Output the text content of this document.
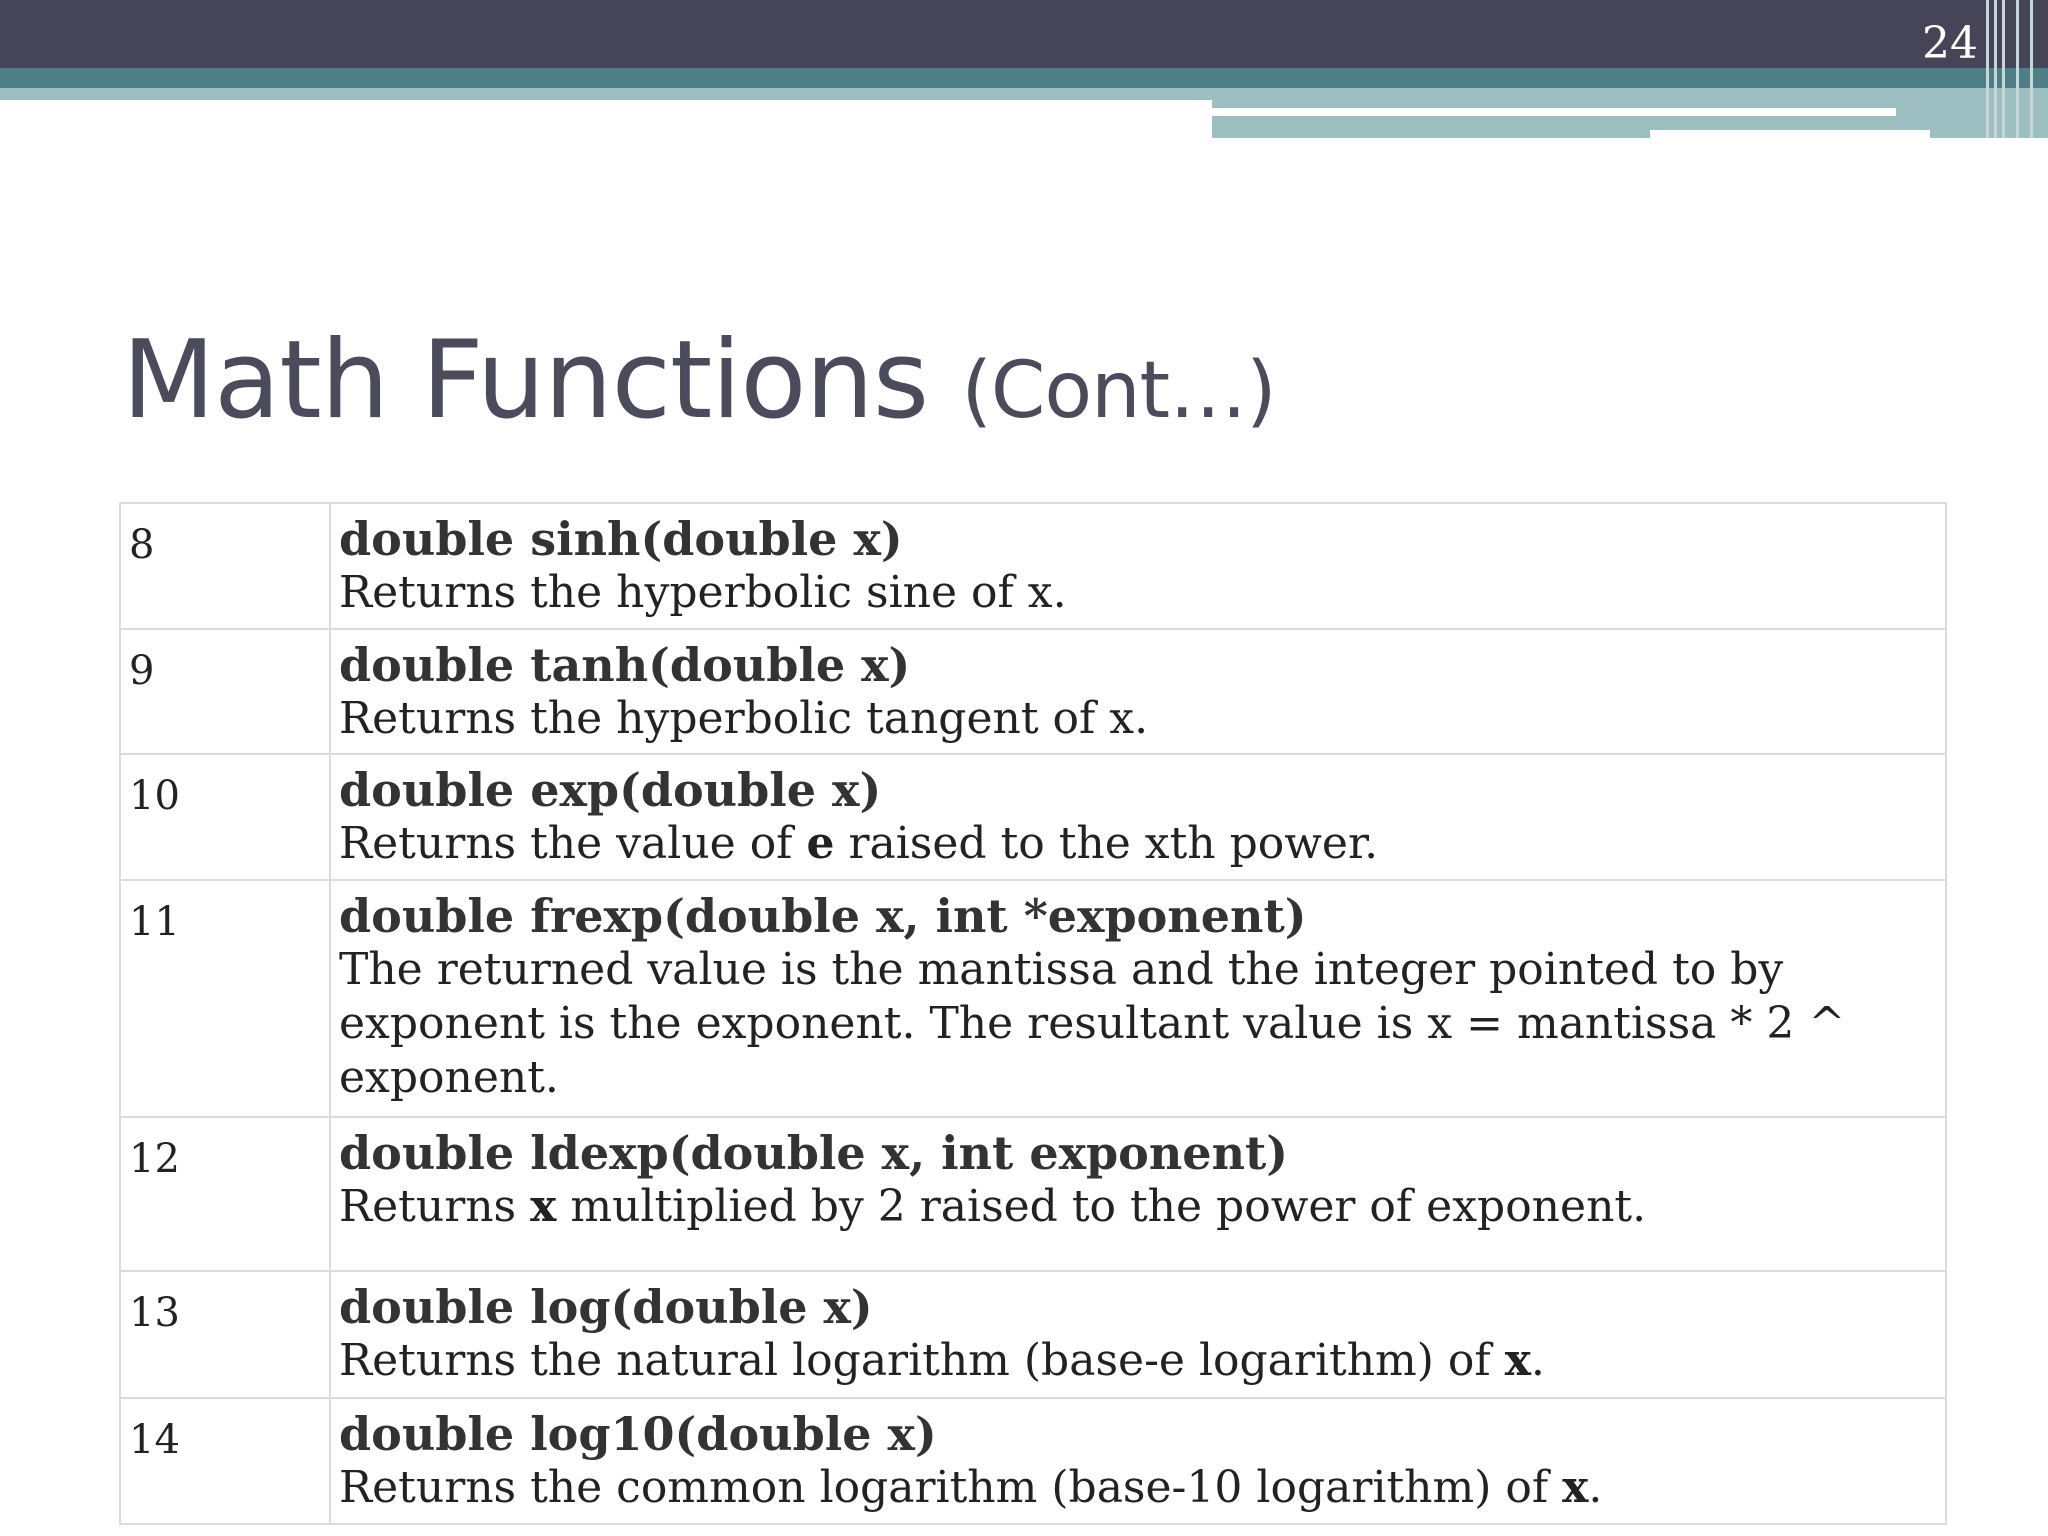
24
Math Functions (Cont…)
8	double sinh(double x)
Returns the hyperbolic sine of x.

9	double tanh(double x)
Returns the hyperbolic tangent of x.

10	double exp(double x)
Returns the value of e raised to the xth power.

11	double frexp(double x, int *exponent)
The returned value is the mantissa and the integer pointed to by exponent is the exponent. The resultant value is x = mantissa * 2 ^ exponent.

12	double ldexp(double x, int exponent)
Returns x multiplied by 2 raised to the power of exponent.

13	double log(double x)
Returns the natural logarithm (base-e logarithm) of x.

14	double log10(double x)
Returns the common logarithm (base-10 logarithm) of x.
